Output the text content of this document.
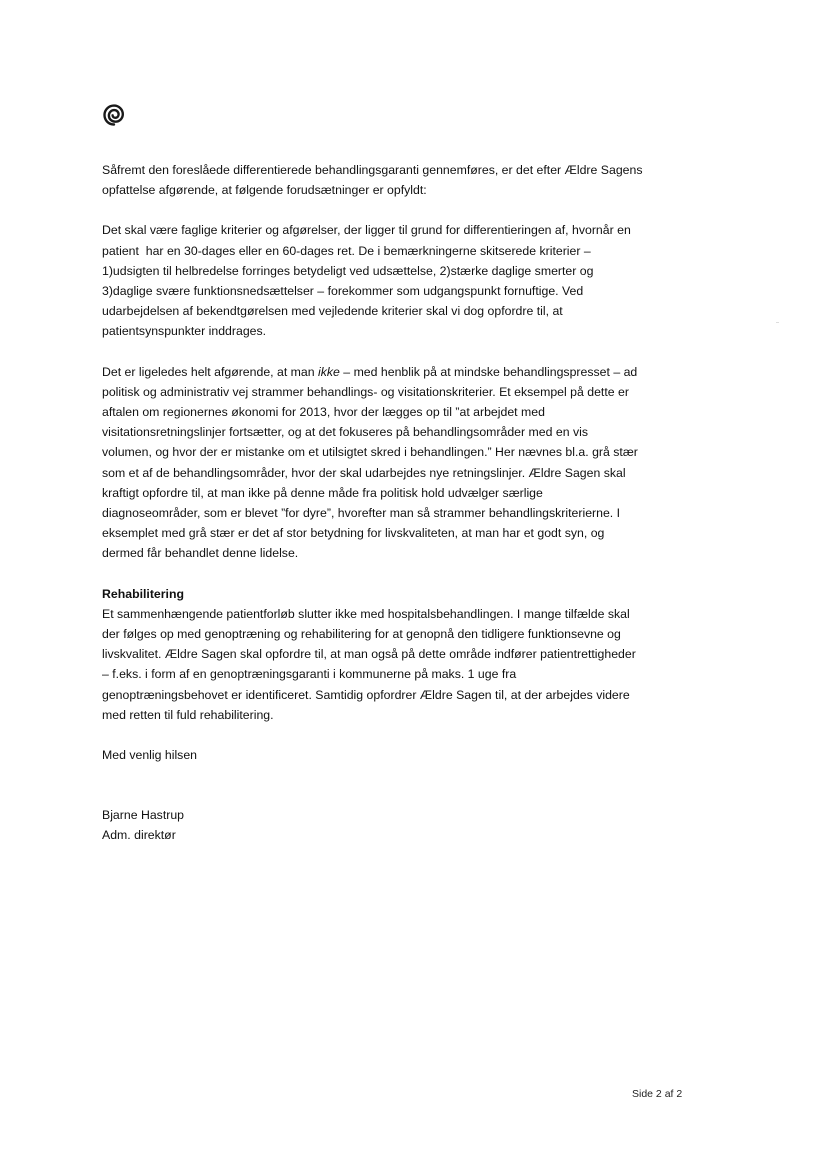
Såfremt den foreslåede differentierede behandlingsgaranti gennemføres, er det efter Ældre Sagens
opfattelse afgørende, at følgende forudsætninger er opfyldt:

Det skal være faglige kriterier og afgørelser, der ligger til grund for differentieringen af, hvornår en
patient  har en 30-dages eller en 60-dages ret. De i bemærkningerne skitserede kriterier –
1)udsigten til helbredelse forringes betydeligt ved udsættelse, 2)stærke daglige smerter og
3)daglige svære funktionsnedsættelser – forekommer som udgangspunkt fornuftige. Ved
udarbejdelsen af bekendtgørelsen med vejledende kriterier skal vi dog opfordre til, at
patientsynspunkter inddrages.

Det er ligeledes helt afgørende, at man ikke – med henblik på at mindske behandlingspresset – ad
politisk og administrativ vej strammer behandlings- og visitationskriterier. Et eksempel på dette er
aftalen om regionernes økonomi for 2013, hvor der lægges op til ”at arbejdet med
visitationsretningslinjer fortsætter, og at det fokuseres på behandlingsområder med en vis
volumen, og hvor der er mistanke om et utilsigtet skred i behandlingen.” Her nævnes bl.a. grå stær
som et af de behandlingsområder, hvor der skal udarbejdes nye retningslinjer. Ældre Sagen skal
kraftigt opfordre til, at man ikke på denne måde fra politisk hold udvælger særlige
diagnoseområder, som er blevet ”for dyre”, hvorefter man så strammer behandlingskriterierne. I
eksemplet med grå stær er det af stor betydning for livskvaliteten, at man har et godt syn, og
dermed får behandlet denne lidelse.

Rehabilitering
Et sammenhængende patientforløb slutter ikke med hospitalsbehandlingen. I mange tilfælde skal
der følges op med genoptræning og rehabilitering for at genopnå den tidligere funktionsevne og
livskvalitet. Ældre Sagen skal opfordre til, at man også på dette område indfører patientrettigheder
– f.eks. i form af en genoptræningsgaranti i kommunerne på maks. 1 uge fra
genoptræningsbehovet er identificeret. Samtidig opfordrer Ældre Sagen til, at der arbejdes videre
med retten til fuld rehabilitering.

Med venlig hilsen

Bjarne Hastrup
Adm. direktør

Side 2 af 2
